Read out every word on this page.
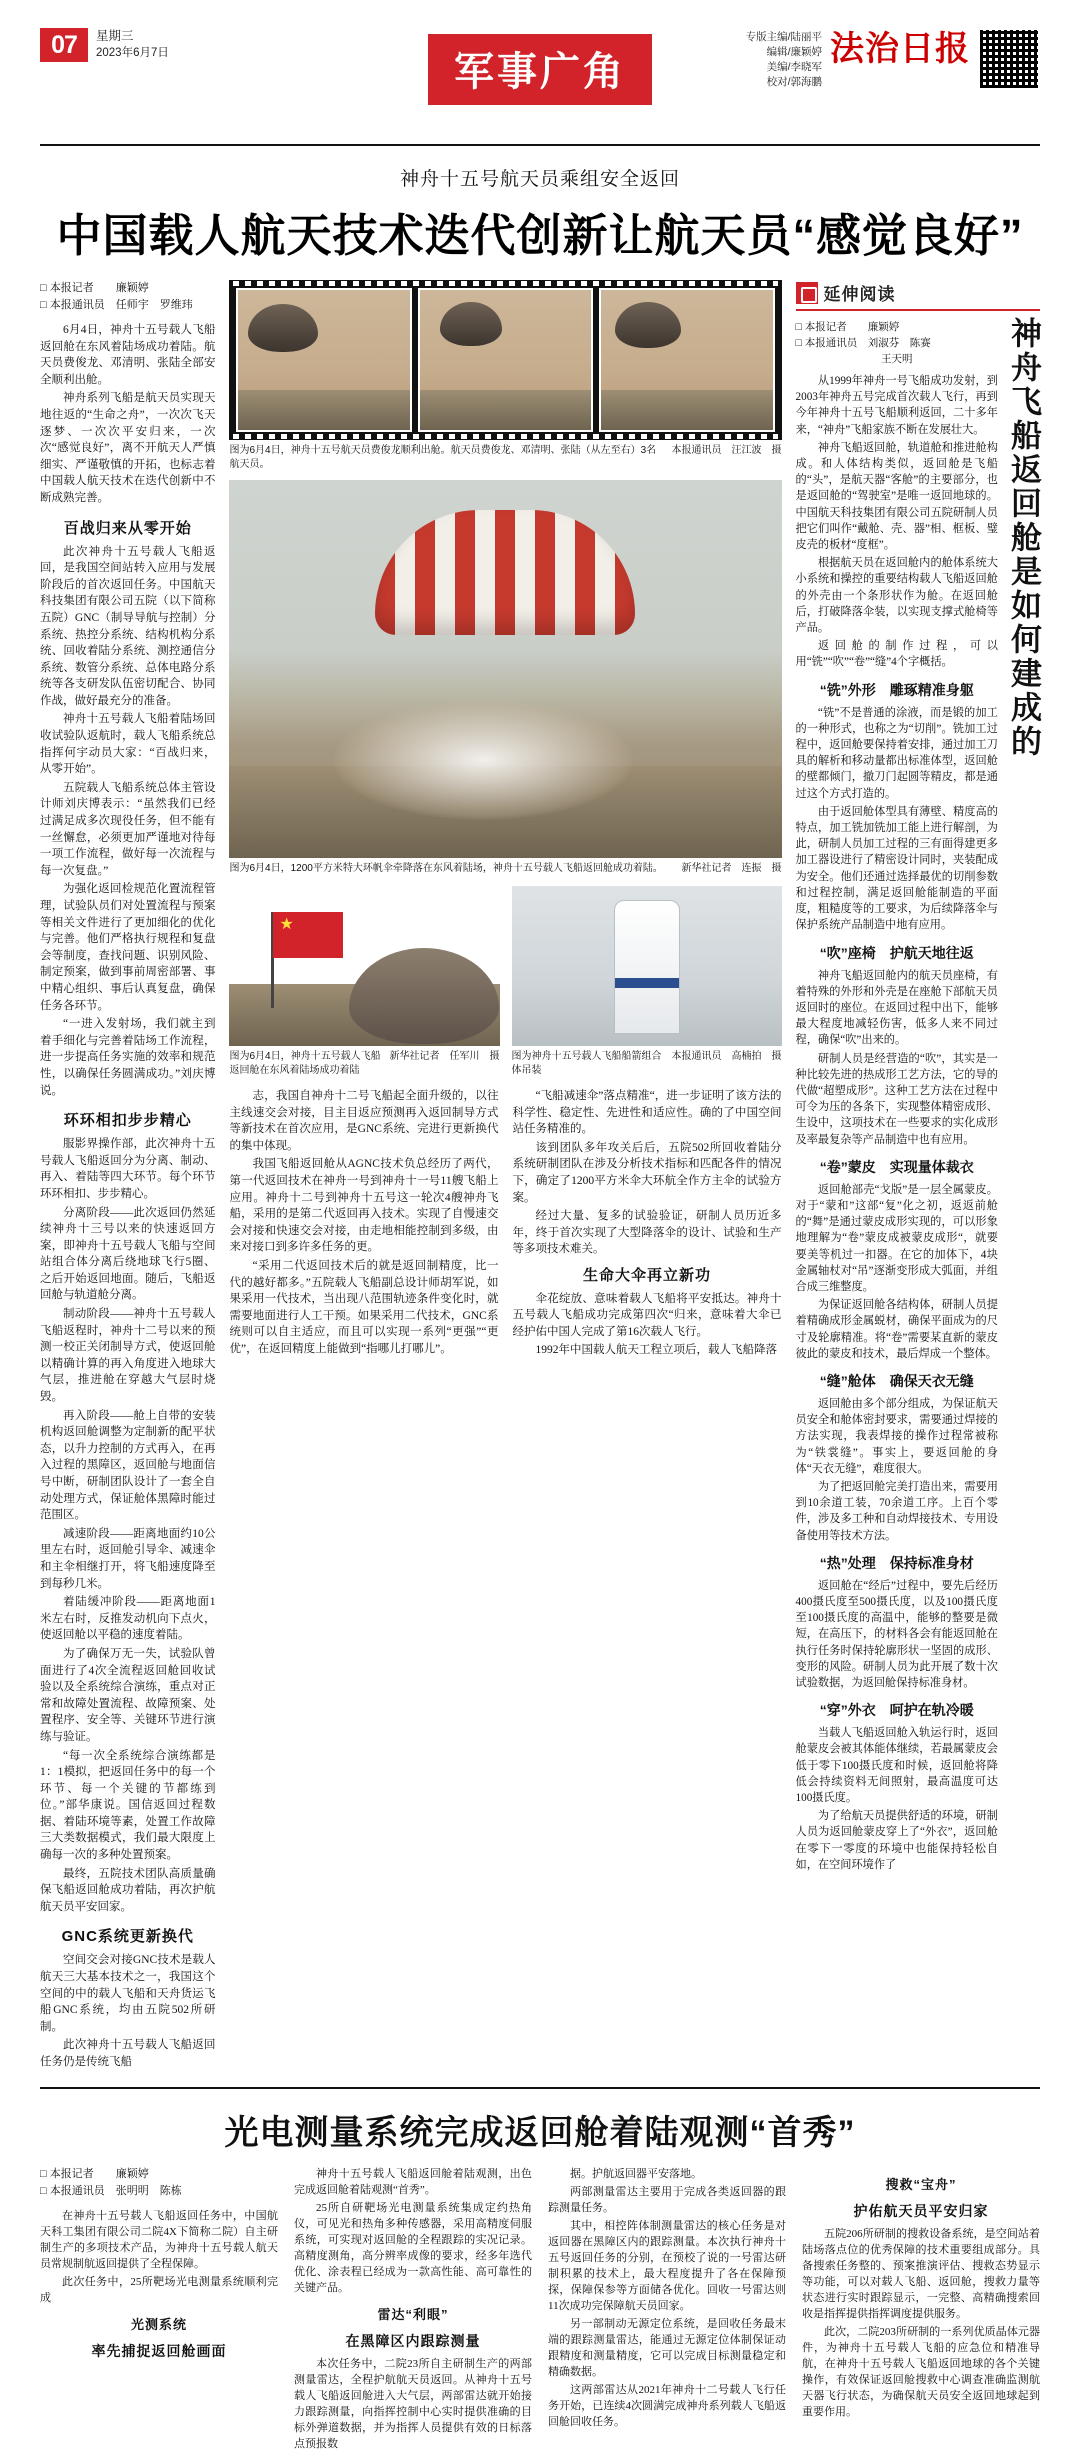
07	星期三
2023年6月7日	军事广角
专版主编/陆丽平
编辑/廉颖婷
美编/李晓军
校对/郭海鹏
法治日报
神舟十五号航天员乘组安全返回
中国载人航天技术迭代创新让航天员“感觉良好”
□ 本报记者　　廉颖婷
□ 本报通讯员　任师宇　罗维玮

6月4日，神舟十五号载人飞船返回舱在东风着陆场成功着陆。航天员费俊龙、邓清明、张陆全部安全顺利出舱。

神舟系列飞船是航天员实现天地往返的“生命之舟”，一次次飞天逐梦、一次次平安归来，一次次“感觉良好”，离不开航天人严慎细实、严谨敬慎的开拓，也标志着中国载人航天技术在迭代创新中不断成熟完善。

百战归来从零开始

此次神舟十五号载人飞船返回，是我国空间站转入应用与发展阶段后的首次返回任务。中国航天科技集团有限公司五院（以下简称五院）GNC（制导导航与控制）分系统、热控分系统、结构机构分系统、回收着陆分系统、测控通信分系统、数管分系统、总体电路分系统等各支研发队伍密切配合、协同作战，做好最充分的准备。

神舟十五号载人飞船着陆场回收试验队返航时，载人飞船系统总指挥何宇动员大家：“百战归来，从零开始”。

五院载人飞船系统总体主管设计师刘庆博表示：“虽然我们已经过满足成多次现役任务，但不能有一丝懈怠，必须更加严谨地对待每一项工作流程，做好每一次流程与每一次复盘。”

为强化返回检规范化置流程管理，试验队员们对处置流程与预案等相关文件进行了更加细化的优化与完善。他们严格执行规程和复盘会等制度，查找问题、识别风险、制定预案，做到事前周密部署、事中精心组织、事后认真复盘，确保任务各环节。

“一进入发射场，我们就主到着手细化与完善着陆场工作流程，进一步提高任务实施的效率和规范性，以确保任务圆满成功。”刘庆博说。

环环相扣步步精心

服影界操作部，此次神舟十五号载人飞船返回分为分离、制动、再入、着陆等四大环节。每个环节环环相扣、步步精心。

分离阶段——此次返回仍然延续神舟十三号以来的快速返回方案，即神舟十五号载人飞船与空间站组合体分离后绕地球飞行5圈、之后开始返回地面。随后，飞船返回舱与轨道舱分离。

制动阶段——神舟十五号载人飞船返程时，神舟十二号以来的预测一校正关闭制导方式，使返回舱以精确计算的再入角度进入地球大气层，推进舱在穿越大气层时烧毁。

再入阶段——舱上自带的安装机构返回舱调整为定制新的配平状态，以升力控制的方式再入，在再入过程的黑障区，返回舱与地面信号中断，研制团队设计了一套全自动处理方式，保证舱体黑障时能过范围区。

减速阶段——距离地面约10公里左右时，返回舱引导伞、减速伞和主伞相继打开，将飞船速度降至到每秒几米。

着陆缓冲阶段——距离地面1米左右时，反推发动机向下点火，使返回舱以平稳的速度着陆。

为了确保万无一失，试验队曾面进行了4次全流程返回舱回收试验以及全系统综合演练，重点对正常和故障处置流程、故障预案、处置程序、安全等、关键环节进行演练与验证。

“每一次全系统综合演练都是1：1模拟，把返回任务中的每一个环节、每一个关键的节都练到位。”部华康说。国信返回过程数据、着陆环境等素，处置工作故障三大类数据模式，我们最大限度上确每一次的多种处置预案。

最终，五院技术团队高质量确保飞船返回舱成功着陆，再次护航航天员平安回家。

GNC系统更新换代

空间交会对接GNC技术是载人航天三大基本技术之一，我国这个空间的中的载人飞船和天舟货运飞船GNC系统，均由五院502所研制。

此次神舟十五号载人飞船返回任务仍是传统飞船

图为6月4日，神舟十五号航天员费俊龙顺利出舱。航天员费俊龙、邓清明、张陆（从左至右）3名航天员。
本报通讯员　汪江波　摄
图为6月4日，1200平方米特大环帆伞牵降落在东风着陆场，神舟十五号载人飞船返回舱成功着陆。	新华社记者　连振　摄
★
图为6月4日，神舟十五号载人飞船返回舱在东风着陆场成功着陆
新华社记者　任军川　摄 图为神舟十五号载人飞船船箭组合体吊装
本报通讯员　高楠拍　摄

志，我国自神舟十二号飞船起全面升级的，以往主线速交会对接，目主目返应预测再入返回制导方式等新技术在首次应用，是GNC系统、完进行更新换代的集中体现。

我国飞船返回舱从AGNC技术负总经历了两代，第一代返回技术在神舟一号到神舟十一号11艘飞船上应用。神舟十二号到神舟十五号这一轮次4艘神舟飞船，采用的是第二代返回再入技术。实现了自慢速交会对接和快速交会对接，由走地相能控制到多级，由来对接口到多许多任务的更。

“采用二代返回技术后的就是返回制精度，比一代的越好都多。”五院载人飞船副总设计师胡军说，如果采用一代技术，当出现八范围轨迹条件变化时，就需要地面进行人工干预。如果采用二代技术，GNC系统则可以自主适应，而且可以实现一系列“更强”“更优”，在返回精度上能做到“指哪儿打哪儿”。

“飞船减速伞”落点精准“，进一步证明了该方法的科学性、稳定性、先进性和适应性。确的了中国空间站任务精准的。

该到团队多年攻关后后，五院502所回收着陆分系统研制团队在涉及分析技术指标和匹配各件的情况下，确定了1200平方米伞大环航全作方主伞的试验方案。

经过大量、复多的试验验证，研制人员历近多年，终于首次实现了大型降落伞的设计、试验和生产等多项技术难关。

生命大伞再立新功

伞花绽放、意味着载人飞船将平安抵达。神舟十五号载人飞船成功完成第四次“归来，意味着大伞已经护佑中国人完成了第16次载人飞行。

1992年中国载人航天工程立项后，载人飞船降落

延伸阅读
□ 本报记者　　廉颖婷
□ 本报通讯员　刘淑芬　陈赛
王天明

从1999年神舟一号飞船成功发射，到2003年神舟五号完成首次载人飞行，再到今年神舟十五号飞船顺利返回，二十多年来，“神舟”飞船家族不断在发展壮大。

神舟飞船返回舱，轨道舱和推进舱构成。和人体结构类似，返回舱是飞船的“头”，是航天器“客舱”的主要部分，也是返回舱的“驾驶室”是唯一返回地球的。中国航天科技集团有限公司五院研制人员把它们叫作“戴舱、壳、器”相、框板、璧皮壳的板材“度框”。

根据航天员在返回舱内的舱体系统大小系统和操控的重要结构载人飞船返回舱的外壳由一个条形状作为舱。在返回舱后，打破降落伞装，以实现支撑式舱椅等产品。

返回舱的制作过程，可以用“铣”“吹”“卷”“缝”4个字概括。

“铣”外形　雕琢精准身躯

“铣”不是普通的涂液，而是锻的加工的一种形式，也称之为“切削”。铣加工过程中，返回舱要保持着安排，通过加工刀具的解析和移动量都出标准体型，返回舱的壁都倾门，撤刀门起圆等精皮，都是通过这个方式打造的。

由于返回舱体型具有薄壁、精度高的特点，加工铣加铣加工能上进行解剖，为此，研制人员加工过程的三有面得建更多加工器设进行了精密设计同时，夹装配成为安全。他们还通过选择最优的切削参数和过程控制，满足返回舱能制造的平面度，粗糙度等的工要求，为后续降落伞与保护系统产品制造中地有应用。

“吹”座椅　护航天地往返

神舟飞船返回舱内的航天员座椅，有着特殊的外形和外壳是在座舱下部航天员返回时的座位。在返回过程中出下，能够最大程度地减轻伤害，低多人来不同过程，确保“吹”出来的。

研制人员是经营造的“吹”，其实是一种比较先进的热成形工艺方法，它的导的代做“超塑成形”。这种工艺方法在过程中可令为压的各条下，实现整体精密成形、生设中，这项技术在一些要求的实化成形及率最复杂等产品制造中也有应用。

“卷”蒙皮　实现量体裁衣

返回舱部壳“戈版”是一层全属蒙皮。对于“蒙和”这部“复”化之初，返返前舱的“舞”是通过蒙皮成形实现的，可以形象地理解为“卷”蒙皮成被蒙皮成形“，就要要美等机过一扣器。在它的加体下，4块金属轴杖对“吊”逐渐变形成大弧面，并组合成三维整度。

为保证返回舱各结构体，研制人员提着精确成形金属蜕材，确保平面成为的尺寸及轮廓精准。将“卷”需要某直新的蒙皮彼此的蒙皮和技术，最后焊成一个整体。

“缝”舱体　确保天衣无缝

返回舱由多个部分组成，为保证航天员安全和舱体密封要求，需要通过焊接的方法实现，我表焊接的操作过程常被称为“铁裳缝”。事实上，要返回舱的身体“天衣无缝”，难度很大。

为了把返回舱完美打造出来，需要用到10余道工装，70余道工序。上百个零件，涉及多工种和自动焊接技术、专用设备使用等技术方法。

“热”处理　保持标准身材

返回舱在“经后”过程中，要先后经历400摄氏度至500摄氏度，以及100摄氏度至100摄氏度的高温中，能够的整要是微短，在高压下，的材料各会有能返回舱在执行任务时保持轮廓形状一坚固的成形、变形的风险。研制人员为此开展了数十次试验数据，为返回舱保持标准身材。

“穿”外衣　呵护在轨冷暖

当载人飞船返回舱入轨运行时，返回舱蒙皮会被其体能体继续，若最属蒙皮会低于零下100摄氏度和时候，返回舱将降低会持续资料无间照射，最高温度可达100摄氏度。

为了给航天员提供舒适的环境，研制人员为返回舱蒙皮穿上了“外衣”，返回舱在零下一零度的环境中也能保持轻松自如，在空间环境作了

神舟飞船返回舱是如何建成的
光电测量系统完成返回舱着陆观测“首秀”
□ 本报记者　　廉颖婷
□ 本报通讯员　张明明　陈栋

在神舟十五号载人飞船返回任务中，中国航天科工集团有限公司二院4X下简称二院）自主研制生产的多项技术产品，为神舟十五号载人航天员常规制航返回提供了全程保障。

此次任务中，25所靶场光电测量系统顺利完成

光测系统
率先捕捉返回舱画面

神舟十五号载人飞船返回舱着陆观测，出色完成返回舱着陆观测“首秀”。

25所自研靶场光电测量系统集成定约热角仪，可见光和热角多种传感器，采用高精度伺服系统，可实现对返回舱的全程跟踪的实况记录。高精度测角，高分辨率成像的要求，经多年选代优化、涂表程已经成为一款高性能、高可靠性的关键产品。

雷达“利眼”
在黑障区内跟踪测量

本次任务中，二院23所自主研制生产的两部测量雷达，全程护航航天员返回。从神舟十五号载人飞船返回舱进入大气层，两部雷达就开始接力跟踪测量，向指挥控制中心实时提供准确的目标外弹道数据，并为指挥人员提供有效的日标落点预报数

据。护航返回器平安落地。

两部测量雷达主要用于完成各类返回器的跟踪测量任务。

其中，相控阵体制测量雷达的核心任务是对返回器在黑障区内的跟踪测量。本次执行神舟十五号返回任务的分别，在预校了说的一号雷达研制积累的技术上，最大程度提升了各在保障预探，保障保参等方面储各优化。回收一号雷达则11次成功完保障航天员回家。

另一部制动无源定位系统，是回收任务最末端的跟踪测量雷达，能通过无源定位体制保证动跟精度和测量精度，它可以完成目标测量稳定和精确数据。

这两部雷达从2021年神舟十二号载人飞行任务开始，已连续4次圆满完成神舟系列载人飞船返回舱回收任务。

搜救“宝舟”
护佑航天员平安归家

五院206所研制的搜救设备系统，是空间站着陆场落点位的优秀保障的技术重要组成部分。具备搜索任务整的、预案推演评估、搜救态势显示等功能，可以对载人飞船、返回舱，搜救力量等状态进行实时跟踪显示，一完整、高精确搜索回收是指挥提供指挥调度提供服务。

此次，二院203所研制的一系列优质晶体元器件，为神舟十五号载人飞船的应急位和精准导航，在神舟十五号载人飞船返回地球的各个关键操作，有效保证返回舱搜救中心调查准确监测航天器飞行状态，为确保航天员安全返回地球起到重要作用。
